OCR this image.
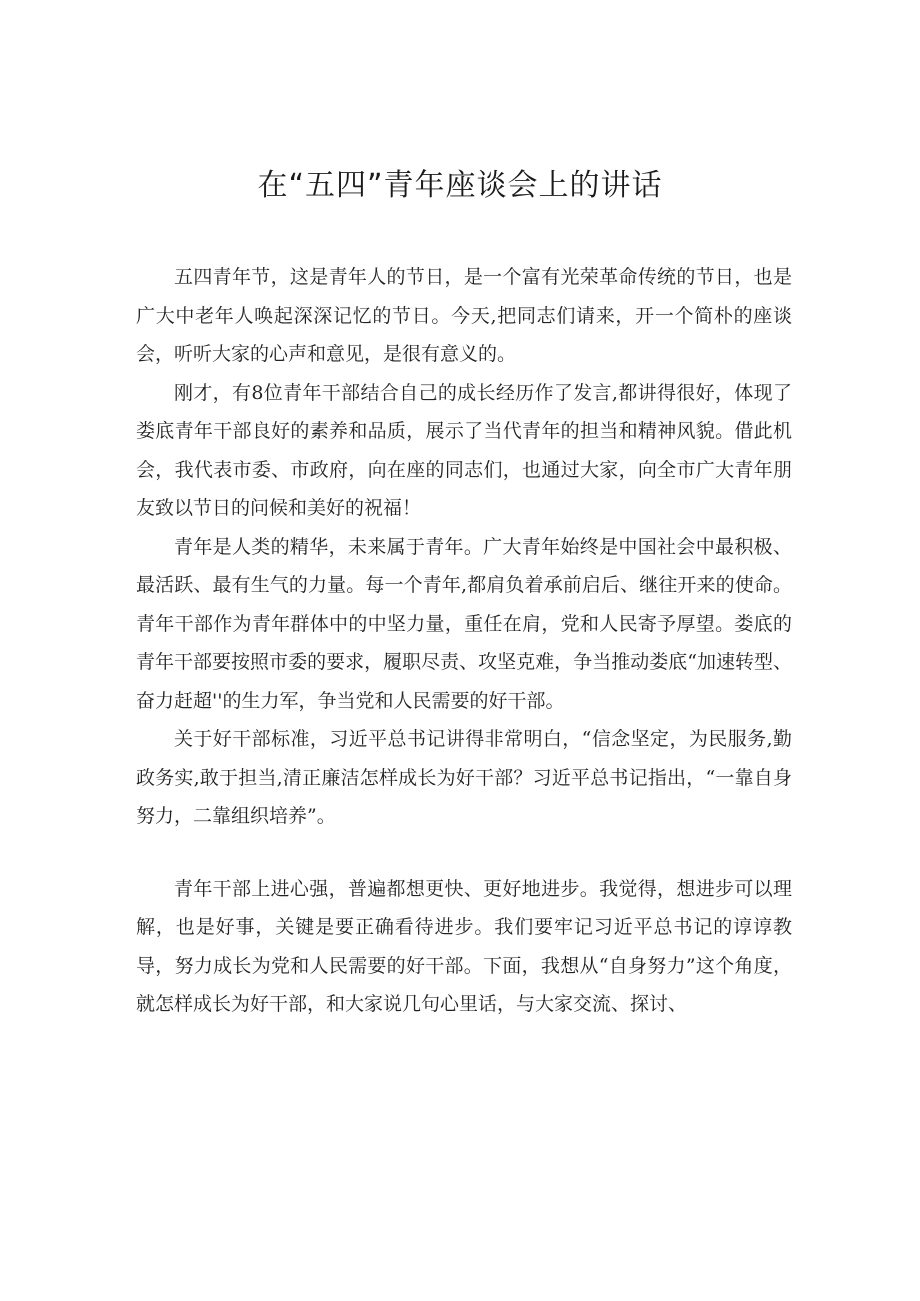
在“五四”青年座谈会上的讲话

五四青年节，这是青年人的节日，是一个富有光荣革命传统的节日，也是广大中老年人唤起深深记忆的节日。今天,把同志们请来，开一个简朴的座谈会，听听大家的心声和意见，是很有意义的。

刚才，有8位青年干部结合自己的成长经历作了发言,都讲得很好，体现了娄底青年干部良好的素养和品质，展示了当代青年的担当和精神风貌。借此机会，我代表市委、市政府，向在座的同志们，也通过大家，向全市广大青年朋友致以节日的问候和美好的祝福！

青年是人类的精华，未来属于青年。广大青年始终是中国社会中最积极、最活跃、最有生气的力量。每一个青年,都肩负着承前启后、继往开来的使命。青年干部作为青年群体中的中坚力量，重任在肩，党和人民寄予厚望。娄底的青年干部要按照市委的要求，履职尽责、攻坚克难，争当推动娄底“加速转型、奋力赶超''的生力军，争当党和人民需要的好干部。

关于好干部标准，习近平总书记讲得非常明白，“信念坚定，为民服务,勤政务实,敢于担当,清正廉洁怎样成长为好干部？习近平总书记指出，“一靠自身努力，二靠组织培养”。

青年干部上进心强，普遍都想更快、更好地进步。我觉得，想进步可以理解，也是好事，关键是要正确看待进步。我们要牢记习近平总书记的谆谆教导，努力成长为党和人民需要的好干部。下面，我想从“自身努力”这个角度，就怎样成长为好干部，和大家说几句心里话，与大家交流、探讨、
